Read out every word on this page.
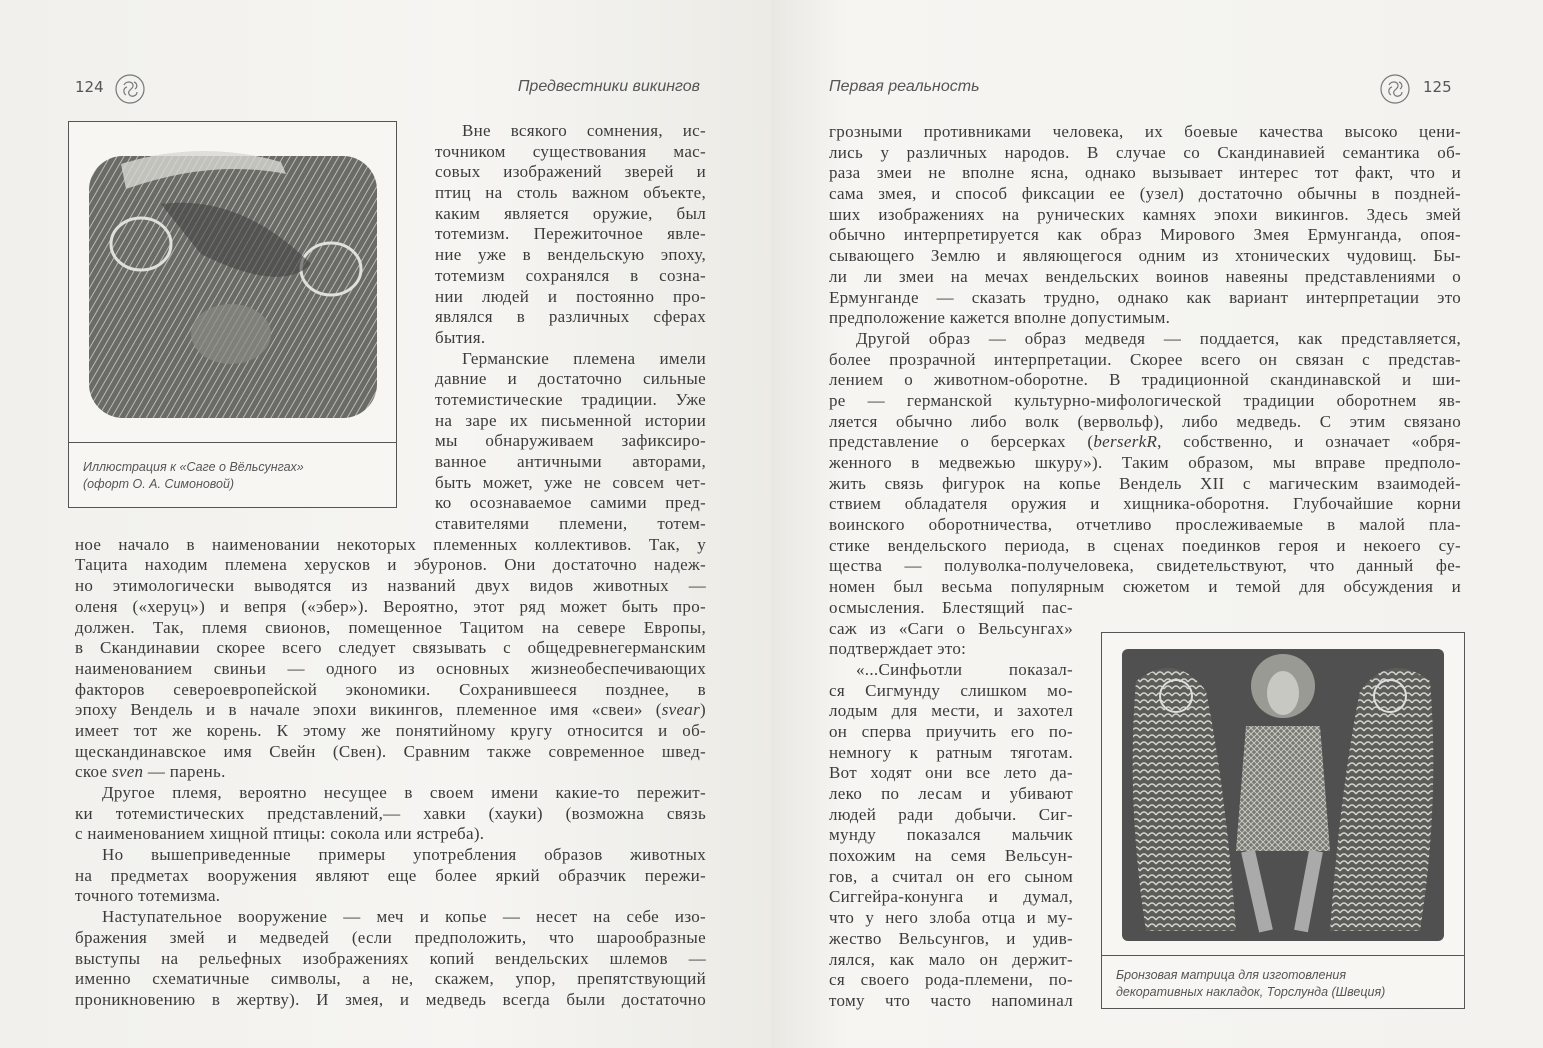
124	Предвестники викингов
Иллюстрация к «Саге о Вёльсунгах»
(офорт О. А. Симоновой)
Вне всякого сомнения, ис-
точником существования мас-
совых изображений зверей и
птиц на столь важном объекте,
каким является оружие, был
тотемизм. Пережиточное явле-
ние уже в вендельскую эпоху,
тотемизм сохранялся в созна-
нии людей и постоянно про-
являлся в различных сферах
бытия.
Германские племена имели
давние и достаточно сильные
тотемистические традиции. Уже
на заре их письменной истории
мы обнаруживаем зафиксиро-
ванное античными авторами,
быть может, уже не совсем чет-
ко осознаваемое самими пред-
ставителями племени, тотем-
ное начало в наименовании некоторых племенных коллективов. Так, у
Тацита находим племена херусков и эбуронов. Они достаточно надеж-
но этимологически выводятся из названий двух видов животных —
оленя («херуц») и вепря («эбер»). Вероятно, этот ряд может быть про-
должен. Так, племя свионов, помещенное Тацитом на севере Европы,
в Скандинавии скорее всего следует связывать с общедревнегерманским
наименованием свиньи — одного из основных жизнеобеспечивающих
факторов североевропейской экономики. Сохранившееся позднее, в
эпоху Вендель и в начале эпохи викингов, племенное имя «свеи» (svear)
имеет тот же корень. К этому же понятийному кругу относится и об-
щескандинавское имя Свейн (Свен). Сравним также современное швед-
ское sven — парень.
Другое племя, вероятно несущее в своем имени какие-то пережит-
ки тотемистических представлений,— хавки (хауки) (возможна связь
с наименованием хищной птицы: сокола или ястреба).
Но вышеприведенные примеры употребления образов животных
на предметах вооружения являют еще более яркий образчик пережи-
точного тотемизма.
Наступательное вооружение — меч и копье — несет на себе изо-
бражения змей и медведей (если предположить, что шарообразные
выступы на рельефных изображениях копий вендельских шлемов —
именно схематичные символы, а не, скажем, упор, препятствующий
проникновению в жертву). И змея, и медведь всегда были достаточно
Первая реальность	125
грозными противниками человека, их боевые качества высоко цени-
лись у различных народов. В случае со Скандинавией семантика об-
раза змеи не вполне ясна, однако вызывает интерес тот факт, что и
сама змея, и способ фиксации ее (узел) достаточно обычны в поздней-
ших изображениях на рунических камнях эпохи викингов. Здесь змей
обычно интерпретируется как образ Мирового Змея Ермунганда, опоя-
сывающего Землю и являющегося одним из хтонических чудовищ. Бы-
ли ли змеи на мечах вендельских воинов навеяны представлениями о
Ермунганде — сказать трудно, однако как вариант интерпретации это
предположение кажется вполне допустимым.
Другой образ — образ медведя — поддается, как представляется,
более прозрачной интерпретации. Скорее всего он связан с представ-
лением о животном-оборотне. В традиционной скандинавской и ши-
ре — германской культурно-мифологической традиции оборотнем яв-
ляется обычно либо волк (вервольф), либо медведь. С этим связано
представление о берсерках (berserkR, собственно, и означает «обря-
женного в медвежью шкуру»). Таким образом, мы вправе предполо-
жить связь фигурок на копье Вендель XII с магическим взаимодей-
ствием обладателя оружия и хищника-оборотня. Глубочайшие корни
воинского оборотничества, отчетливо прослеживаемые в малой пла-
стике вендельского периода, в сценах поединков героя и некоего су-
щества — полуволка-получеловека, свидетельствуют, что данный фе-
номен был весьма популярным сюжетом и темой для обсуждения и
осмысления. Блестящий пас-
саж из «Саги о Вельсунгах»
подтверждает это:
«...Синфьотли показал-
ся Сигмунду слишком мо-
лодым для мести, и захотел
он сперва приучить его по-
немногу к ратным тяготам.
Вот ходят они все лето да-
леко по лесам и убивают
людей ради добычи. Сиг-
мунду показался мальчик
похожим на семя Вельсун-
гов, а считал он его сыном
Сиггейра-конунга и думал,
что у него злоба отца и му-
жество Вельсунгов, и удив-
лялся, как мало он держит-
ся своего рода-племени, по-
тому что часто напоминал
Бронзовая матрица для изготовления
декоративных накладок, Торслунда (Швеция)
